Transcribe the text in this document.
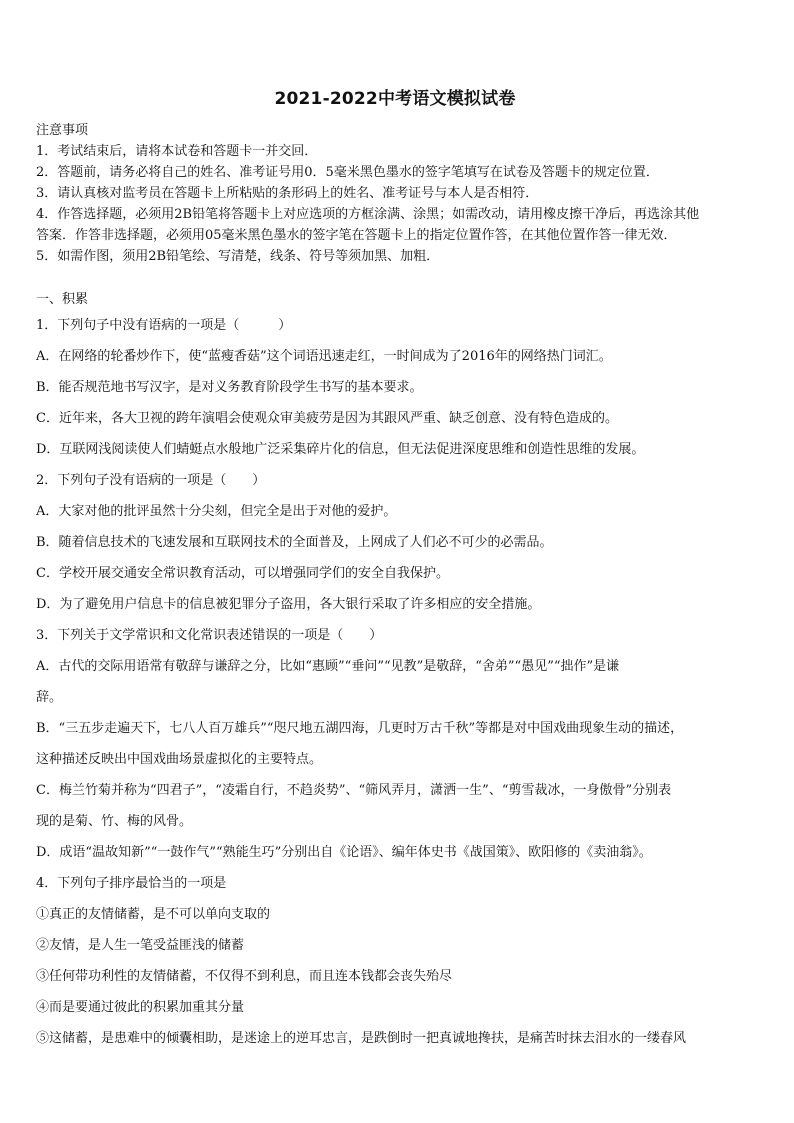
2021-2022中考语文模拟试卷

注意事项

1．考试结束后，请将本试卷和答题卡一并交回．
2．答题前，请务必将自己的姓名、准考证号用0．5毫米黑色墨水的签字笔填写在试卷及答题卡的规定位置．
3．请认真核对监考员在答题卡上所粘贴的条形码上的姓名、准考证号与本人是否相符．
4．作答选择题，必须用2B铅笔将答题卡上对应选项的方框涂满、涂黑；如需改动，请用橡皮擦干净后，再选涂其他
答案．作答非选择题，必须用05毫米黑色墨水的签字笔在答题卡上的指定位置作答，在其他位置作答一律无效．
5．如需作图，须用2B铅笔绘、写清楚，线条、符号等须加黑、加粗．

一、积累

1．下列句子中没有语病的一项是（　　　）

A．在网络的轮番炒作下，使“蓝瘦香菇”这个词语迅速走红，一时间成为了2016年的网络热门词汇。

B．能否规范地书写汉字，是对义务教育阶段学生书写的基本要求。

C．近年来，各大卫视的跨年演唱会使观众审美疲劳是因为其跟风严重、缺乏创意、没有特色造成的。

D．互联网浅阅读使人们蜻蜓点水般地广泛采集碎片化的信息，但无法促进深度思维和创造性思维的发展。

2．下列句子没有语病的一项是（　　）

A．大家对他的批评虽然十分尖刻，但完全是出于对他的爱护。

B．随着信息技术的飞速发展和互联网技术的全面普及，上网成了人们必不可少的必需品。

C．学校开展交通安全常识教育活动，可以增强同学们的安全自我保护。

D．为了避免用户信息卡的信息被犯罪分子盗用，各大银行采取了许多相应的安全措施。

3．下列关于文学常识和文化常识表述错误的一项是（　　）

A．古代的交际用语常有敬辞与谦辞之分，比如“惠顾”“垂问”“见教”是敬辞，“舍弟”“愚见”“拙作”是谦

辞。

B．“三五步走遍天下，七八人百万雄兵”“咫尺地五湖四海，几更时万古千秋”等都是对中国戏曲现象生动的描述，

这种描述反映出中国戏曲场景虚拟化的主要特点。

C．梅兰竹菊并称为“四君子”，“凌霜自行，不趋炎势”、“筛风弄月，潇洒一生”、“剪雪裁冰，一身傲骨”分别表

现的是菊、竹、梅的风骨。

D．成语“温故知新”“一鼓作气”“熟能生巧”分别出自《论语》、编年体史书《战国策》、欧阳修的《卖油翁》。

4．下列句子排序最恰当的一项是

①真正的友情储蓄，是不可以单向支取的

②友情，是人生一笔受益匪浅的储蓄

③任何带功利性的友情储蓄，不仅得不到利息，而且连本钱都会丧失殆尽

④而是要通过彼此的积累加重其分量

⑤这储蓄，是患难中的倾囊相助，是迷途上的逆耳忠言，是跌倒时一把真诚地搀扶，是痛苦时抹去泪水的一缕春风
